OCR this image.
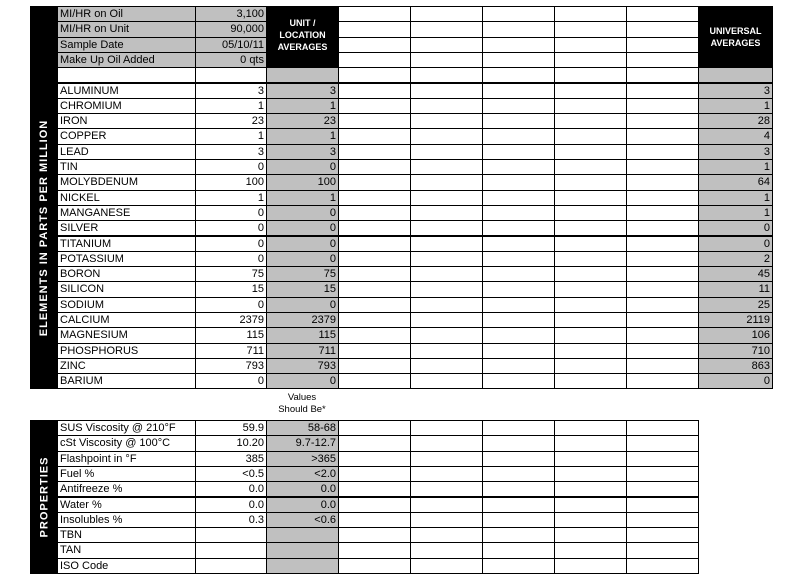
MI/HR on Oil	3,100
MI/HR on Unit	90,000
Sample Date	05/10/11
Make Up Oil Added	0 qts
UNIT /
LOCATION
AVERAGES
UNIVERSAL
AVERAGES
ALUMINUM	3	3	3
CHROMIUM	1	1	1
IRON	23	23	28
COPPER	1	1	4
LEAD	3	3	3
TIN	0	0	1
MOLYBDENUM	100	100	64
NICKEL	1	1	1
MANGANESE	0	0	1
SILVER	0	0	0
TITANIUM	0	0	0
POTASSIUM	0	0	2
BORON	75	75	45
SILICON	15	15	11
SODIUM	0	0	25
CALCIUM	2379	2379	2119
MAGNESIUM	115	115	106
PHOSPHORUS	711	711	710
ZINC	793	793	863
BARIUM	0	0	0
ELEMENTS IN PARTS PER MILLION
Values
Should Be*
SUS Viscosity @ 210°F	59.9	58-68
cSt Viscosity @ 100°C	10.20	9.7-12.7
Flashpoint in °F	385	>365
Fuel %	<0.5	<2.0
Antifreeze %	0.0	0.0
Water %	0.0	0.0
Insolubles %	0.3	<0.6
TBN
TAN
ISO Code
PROPERTIES
